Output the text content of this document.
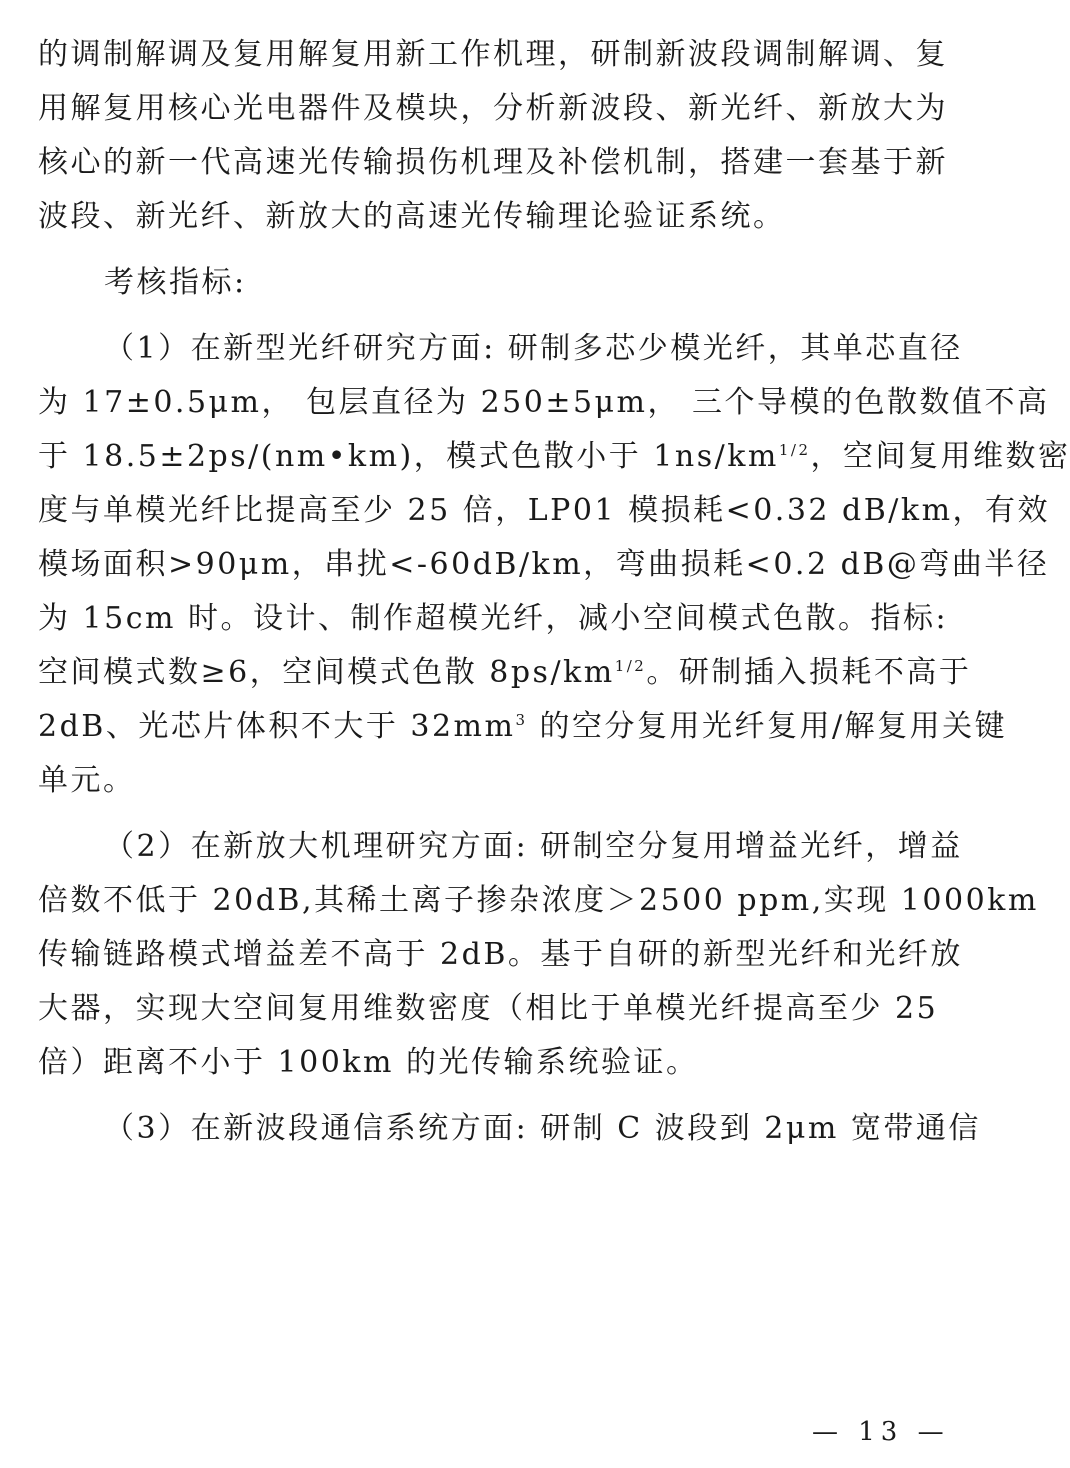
的调制解调及复用解复用新工作机理，研制新波段调制解调、复
用解复用核心光电器件及模块，分析新波段、新光纤、新放大为
核心的新一代高速光传输损伤机理及补偿机制，搭建一套基于新
波段、新光纤、新放大的高速光传输理论验证系统。
考核指标:
（1）在新型光纤研究方面: 研制多芯少模光纤，其单芯直径
为 17±0.5μm， 包层直径为 250±5μm， 三个导模的色散数值不高
于 18.5±2ps/(nm•km)，模式色散小于 $1ns/km^{1/2}$，空间复用维数密
度与单模光纤比提高至少 25 倍，LP01 模损耗<0.32 dB/km，有效
模场面积>90μm，串扰<-60dB/km，弯曲损耗<0.2 dB@弯曲半径
为 15cm 时。设计、制作超模光纤，减小空间模式色散。指标:
空间模式数≥6，空间模式色散 $8ps/km^{1/2}$。研制插入损耗不高于
2dB、光芯片体积不大于 $32mm^3$ 的空分复用光纤复用/解复用关键
单元。
（2）在新放大机理研究方面: 研制空分复用增益光纤，增益
倍数不低于 20dB,其稀土离子掺杂浓度＞2500 ppm,实现 1000km
传输链路模式增益差不高于 2dB。基于自研的新型光纤和光纤放
大器，实现大空间复用维数密度（相比于单模光纤提高至少 25
倍）距离不小于 100km 的光传输系统验证。
（3）在新波段通信系统方面: 研制 C 波段到 2μm 宽带通信
— 13 —
